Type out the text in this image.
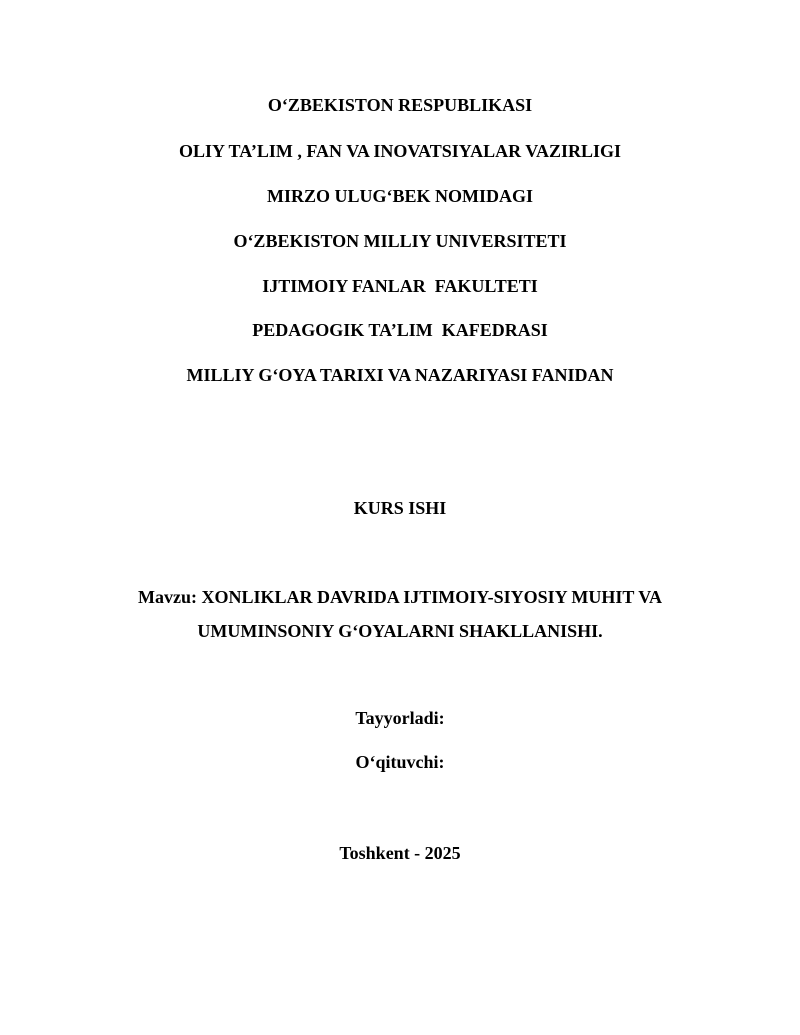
O‘ZBEKISTON RESPUBLIKASI
OLIY TA’LIM , FAN VA INOVATSIYALAR VAZIRLIGI
MIRZO ULUG‘BEK NOMIDAGI
O‘ZBEKISTON MILLIY UNIVERSITETI
IJTIMOIY FANLAR  FAKULTETI
PEDAGOGIK TA’LIM  KAFEDRASI
MILLIY G‘OYA TARIXI VA NAZARIYASI FANIDAN
KURS ISHI
Mavzu: XONLIKLAR DAVRIDA IJTIMOIY-SIYOSIY MUHIT VA
UMUMINSONIY G‘OYALARNI SHAKLLANISHI.
Tayyorladi:
O‘qituvchi:
Toshkent - 2025
